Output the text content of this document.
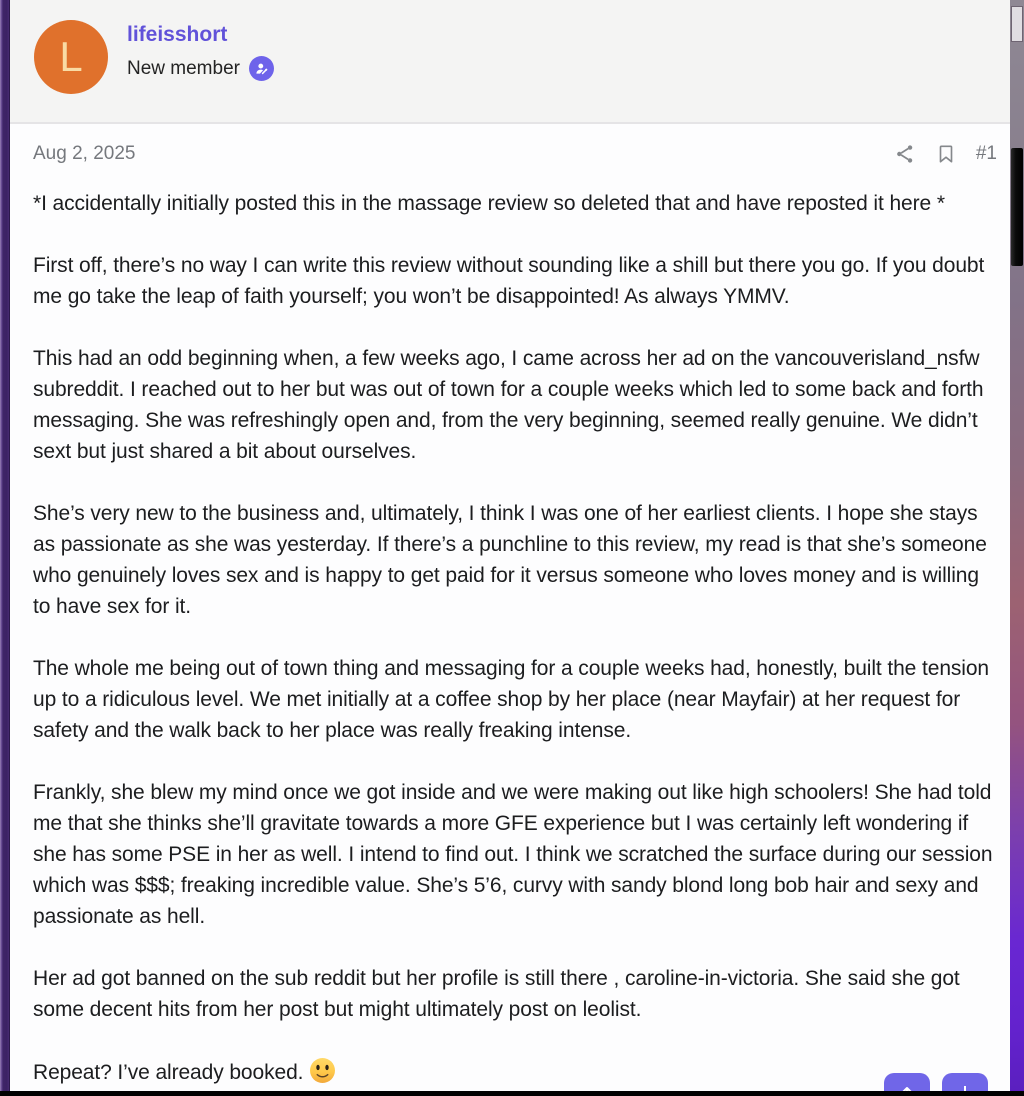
L lifeisshort
New member
Aug 2, 2025	#1

*I accidentally initially posted this in the massage review so deleted that and have reposted it here *

First off, there’s no way I can write this review without sounding like a shill but there you go. If you doubt me go take the leap of faith yourself; you won’t be disappointed! As always YMMV.

This had an odd beginning when, a few weeks ago, I came across her ad on the vancouverisland_nsfw subreddit. I reached out to her but was out of town for a couple weeks which led to some back and forth messaging. She was refreshingly open and, from the very beginning, seemed really genuine. We didn’t sext but just shared a bit about ourselves.

She’s very new to the business and, ultimately, I think I was one of her earliest clients. I hope she stays as passionate as she was yesterday. If there’s a punchline to this review, my read is that she’s someone who genuinely loves sex and is happy to get paid for it versus someone who loves money and is willing to have sex for it.

The whole me being out of town thing and messaging for a couple weeks had, honestly, built the tension up to a ridiculous level. We met initially at a coffee shop by her place (near Mayfair) at her request for safety and the walk back to her place was really freaking intense.

Frankly, she blew my mind once we got inside and we were making out like high schoolers! She had told me that she thinks she’ll gravitate towards a more GFE experience but I was certainly left wondering if she has some PSE in her as well. I intend to find out. I think we scratched the surface during our session which was $$$; freaking incredible value. She’s 5’6, curvy with sandy blond long bob hair and sexy and passionate as hell.

Her ad got banned on the sub reddit but her profile is still there , caroline-in-victoria. She said she got some decent hits from her post but might ultimately post on leolist.

Repeat? I’ve already booked.
